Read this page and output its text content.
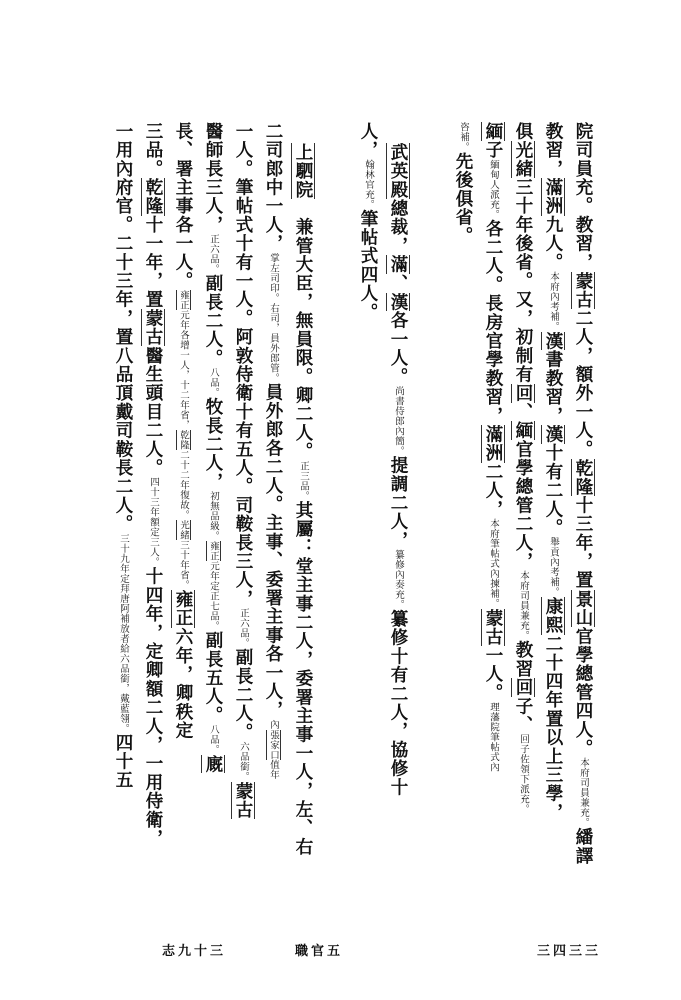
院司員充。教習，蒙古二人，額外一人。乾隆十三年，置景山官學總管四人。本府司員兼充。繙譯
教習，滿洲九人。本府內考補。漢書教習，漢十有二人。舉貢內考補。康熙二十四年置以上三學，
俱光緒三十年後省。又，初制有回、緬官學總管二人，本府司員兼充。教習回子、回子佐領下派充。
緬子緬甸人派充。各二人。長房官學教習，滿洲二人，本府筆帖式內揀補。蒙古一人。理藩院筆帖式內
咨補。先後俱省。
武英殿總裁，滿、漢各一人。尚書侍郎內簡。提調二人，纂修內奏充。纂修十有二人，協修十
人，翰林官充。筆帖式四人。
上駟院　兼管大臣，無員限。卿二人。正三品。其屬：堂主事二人，委署主事一人，左、右
二司郎中一人，掌左司印。右司，員外郎管。員外郎各二人。主事、委署主事各一人，內張家口值年
一人。筆帖式十有一人。阿敦侍衛十有五人。司鞍長三人，正六品。副長二人。六品銜。蒙古
醫師長三人，正六品。副長二人。八品。牧長二人，初無品級。雍正元年定正七品。副長五人。八品。廐
長、署主事各一人。雍正元年各增一人，十二年省，乾隆二十二年復故。光緒三十年省。雍正六年，卿秩定
三品。乾隆十一年，置蒙古醫生頭目二人。四十三年額定三人。十四年，定卿額二人，一用侍衛，
一用內府官。二十三年，置八品頂戴司鞍長二人。三十九年定拜唐阿補放者給六品銜，戴藍翎。四十五
志九十三	職官五	三四三三
